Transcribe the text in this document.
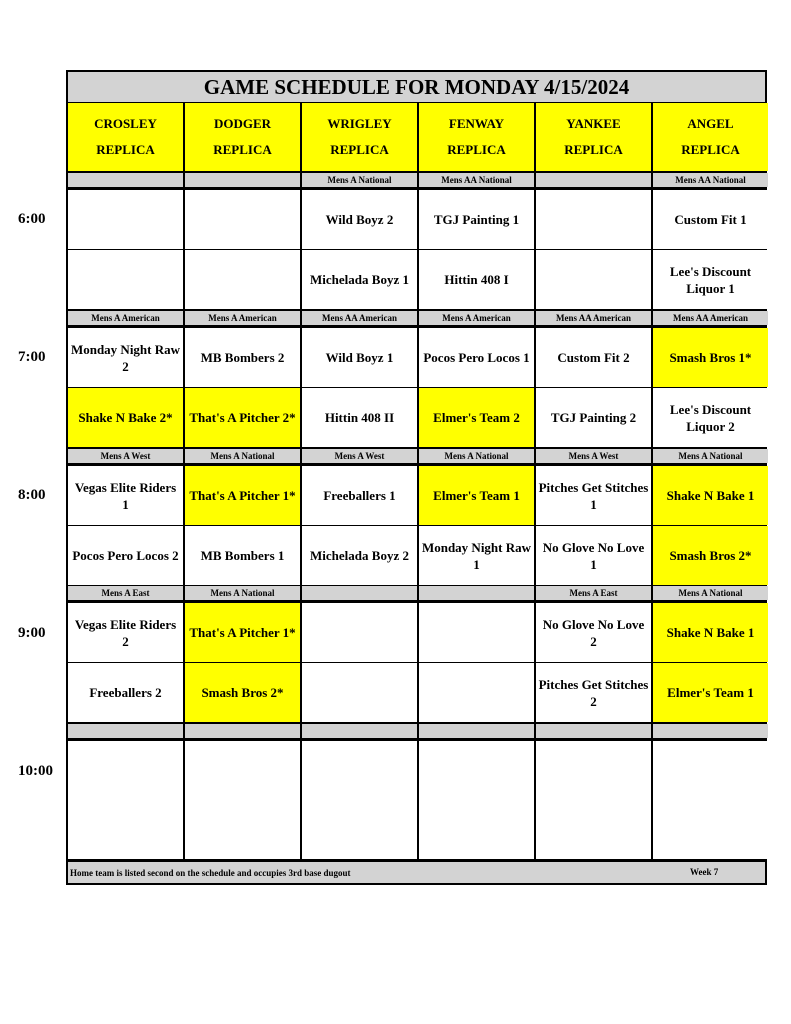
GAME SCHEDULE FOR MONDAY 4/15/2024
CROSLEY
REPLICA
DODGER
REPLICA
WRIGLEY
REPLICA
FENWAY
REPLICA
YANKEE
REPLICA
ANGEL
REPLICA
Mens A National
Wild Boyz 2
Michelada Boyz 1
Mens AA National
TGJ Painting 1
Hittin 408 I
Mens AA National
Custom Fit 1
Lee's Discount Liquor 1
Mens A American
Monday Night Raw 2
Shake N Bake 2*
Mens A American
MB Bombers 2
That's A Pitcher 2*
Mens AA American
Wild Boyz 1
Hittin 408 II
Mens A American
Pocos Pero Locos 1
Elmer's Team 2
Mens AA American
Custom Fit 2
TGJ Painting 2
Mens AA American
Smash Bros 1*
Lee's Discount Liquor 2
Mens A West
Vegas Elite Riders 1
Pocos Pero Locos 2
Mens A National
That's A Pitcher 1*
MB Bombers 1
Mens A West
Freeballers 1
Michelada Boyz 2
Mens A National
Elmer's Team 1
Monday Night Raw 1
Mens A West
Pitches Get Stitches 1
No Glove No Love 1
Mens A National
Shake N Bake 1
Smash Bros 2*
Mens A East
Vegas Elite Riders 2
Freeballers 2
Mens A National
That's A Pitcher 1*
Smash Bros 2*
Mens A East
No Glove No Love 2
Pitches Get Stitches 2
Mens A National
Shake N Bake 1
Elmer's Team 1
Home team is listed second on the schedule and occupies 3rd base dugout
6:00
7:00
8:00
9:00
10:00
Week 7
